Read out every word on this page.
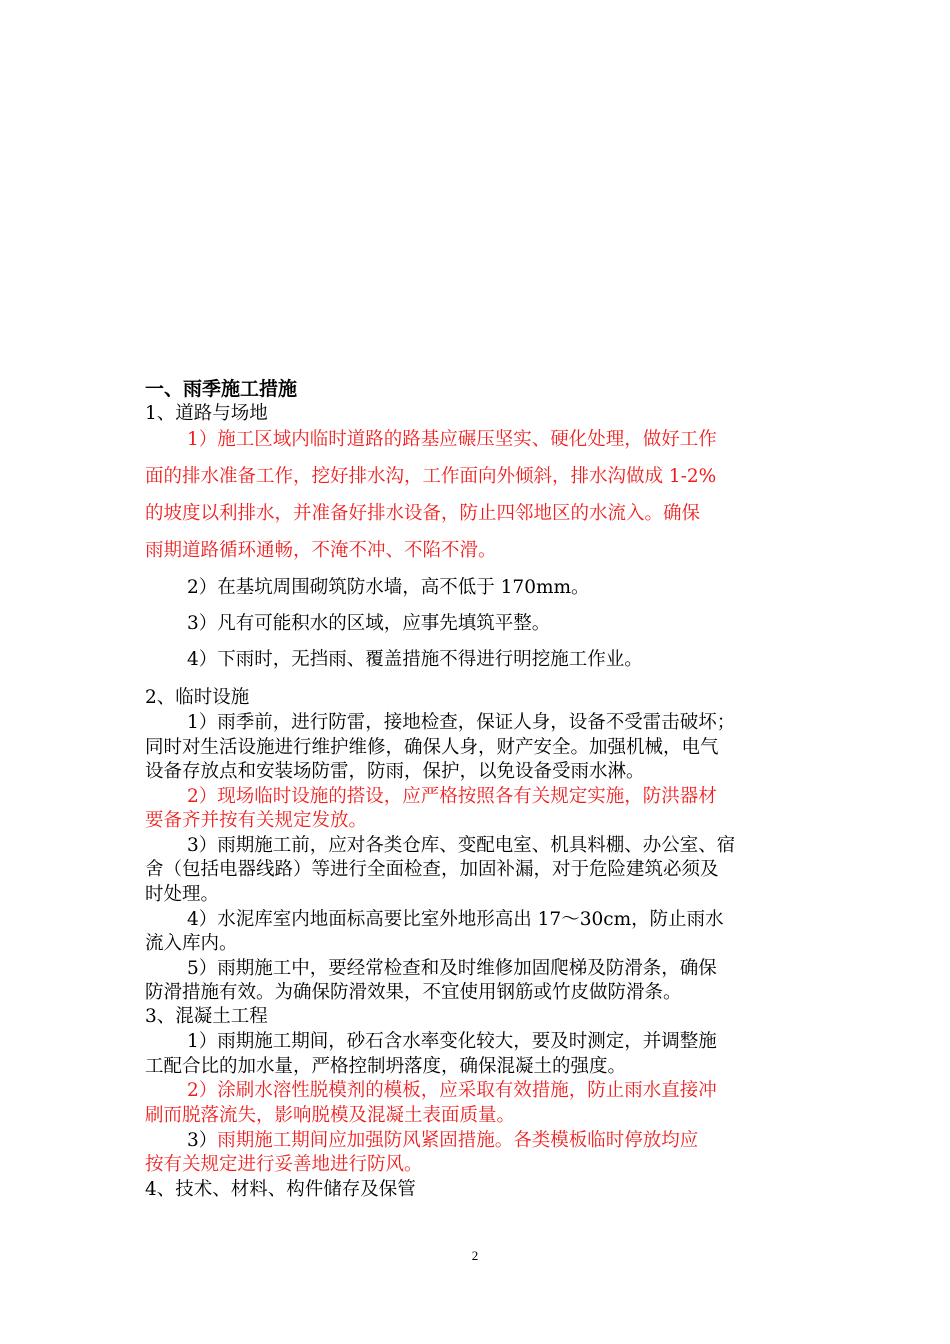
一、雨季施工措施
1、道路与场地
1）施工区域内临时道路的路基应碾压坚实、硬化处理，做好工作
面的排水准备工作，挖好排水沟，工作面向外倾斜，排水沟做成 1-2%
的坡度以利排水，并准备好排水设备，防止四邻地区的水流入。确保
雨期道路循环通畅，不淹不冲、不陷不滑。
2）在基坑周围砌筑防水墙，高不低于 170mm。
3）凡有可能积水的区域，应事先填筑平整。
4）下雨时，无挡雨、覆盖措施不得进行明挖施工作业。
2、临时设施
1）雨季前，进行防雷，接地检查，保证人身，设备不受雷击破坏；
同时对生活设施进行维护维修，确保人身，财产安全。加强机械，电气
设备存放点和安装场防雷，防雨，保护，以免设备受雨水淋。
2）现场临时设施的搭设，应严格按照各有关规定实施，防洪器材
要备齐并按有关规定发放。
3）雨期施工前，应对各类仓库、变配电室、机具料棚、办公室、宿
舍（包括电器线路）等进行全面检查，加固补漏，对于危险建筑必须及
时处理。
4）水泥库室内地面标高要比室外地形高出 17～30cm，防止雨水
流入库内。
5）雨期施工中，要经常检查和及时维修加固爬梯及防滑条，确保
防滑措施有效。为确保防滑效果，不宜使用钢筋或竹皮做防滑条。
3、混凝土工程
1）雨期施工期间，砂石含水率变化较大，要及时测定，并调整施
工配合比的加水量，严格控制坍落度，确保混凝土的强度。
2）涂刷水溶性脱模剂的模板，应采取有效措施，防止雨水直接冲
刷而脱落流失，影响脱模及混凝土表面质量。
3）雨期施工期间应加强防风紧固措施。各类模板临时停放均应
按有关规定进行妥善地进行防风。
4、技术、材料、构件储存及保管
2
